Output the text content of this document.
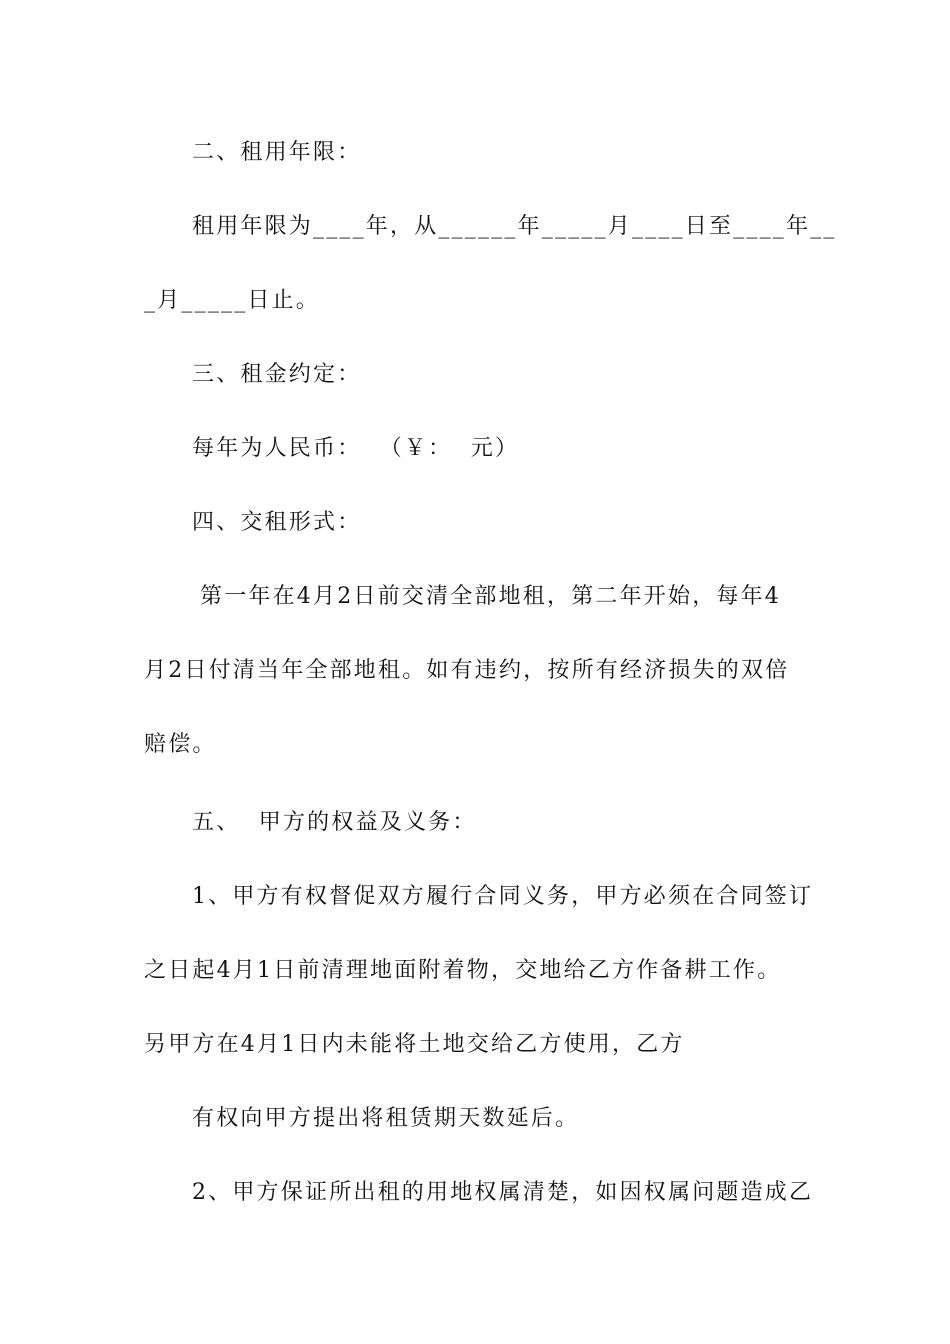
二、租用年限：
租用年限为____年，从______年_____月____日至____年__
_月_____日止。
三、租金约定：
每年为人民币：  （￥：  元）
四、交租形式：
第一年在4月2日前交清全部地租，第二年开始，每年4
月2日付清当年全部地租。如有违约，按所有经济损失的双倍
赔偿。
五、  甲方的权益及义务：
1、甲方有权督促双方履行合同义务，甲方必须在合同签订
之日起4月1日前清理地面附着物，交地给乙方作备耕工作。
另甲方在4月1日内未能将土地交给乙方使用，乙方
有权向甲方提出将租赁期天数延后。
2、甲方保证所出租的用地权属清楚，如因权属问题造成乙
